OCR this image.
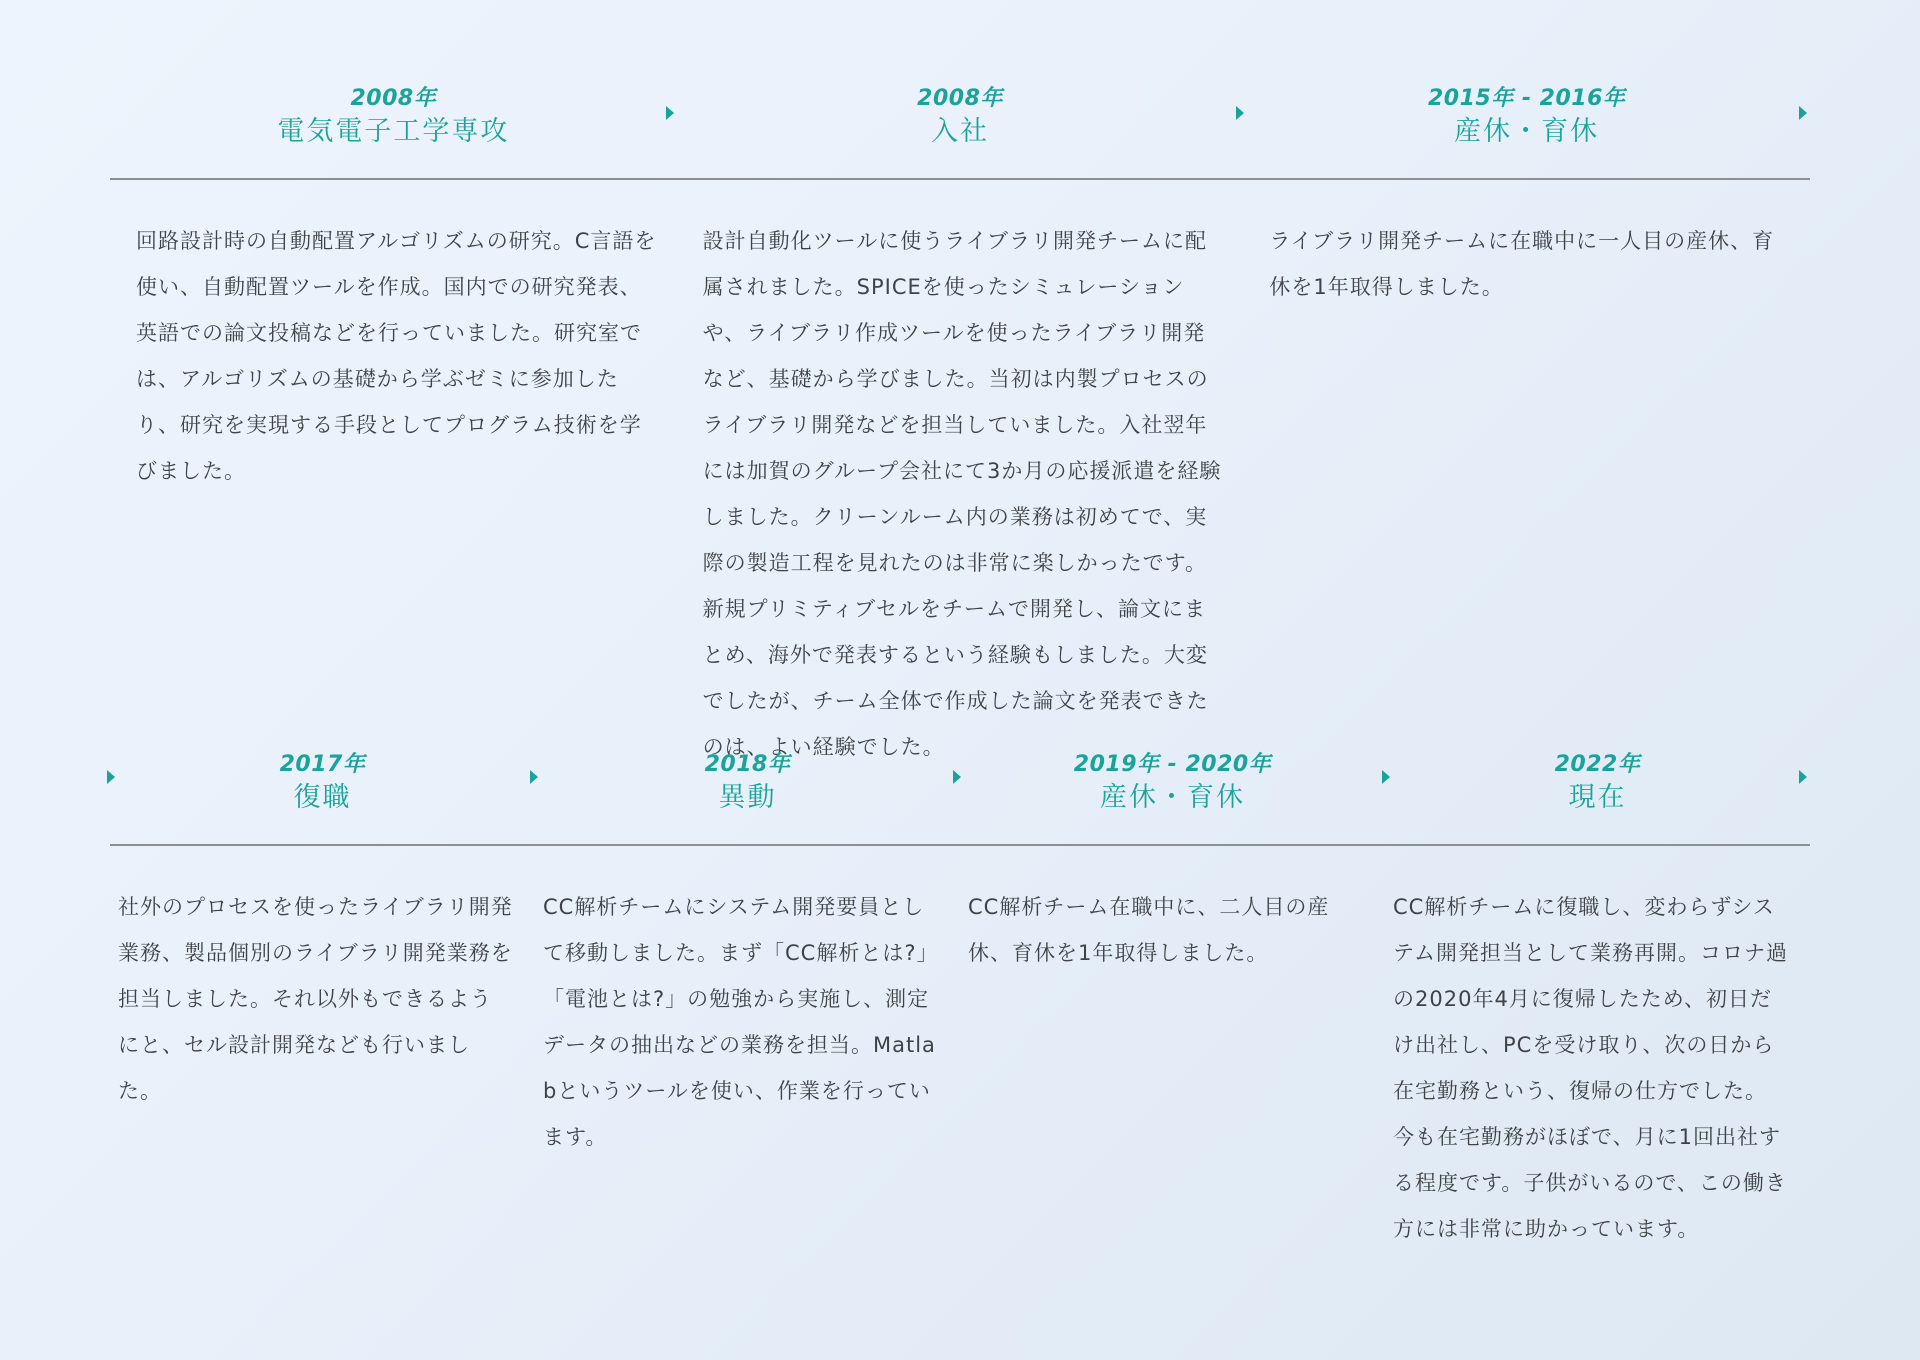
2008年
電気電子工学専攻
2008年
入社
2015年 - 2016年
産休・育休

回路設計時の自動配置アルゴリズムの研究。C言語を使い、自動配置ツールを作成。国内での研究発表、英語での論文投稿などを行っていました。研究室では、アルゴリズムの基礎から学ぶゼミに参加したり、研究を実現する手段としてプログラム技術を学びました。

設計自動化ツールに使うライブラリ開発チームに配属されました。SPICEを使ったシミュレーションや、ライブラリ作成ツールを使ったライブラリ開発など、基礎から学びました。当初は内製プロセスのライブラリ開発などを担当していました。入社翌年には加賀のグループ会社にて3か月の応援派遣を経験しました。クリーンルーム内の業務は初めてで、実際の製造工程を見れたのは非常に楽しかったです。新規プリミティブセルをチームで開発し、論文にまとめ、海外で発表するという経験もしました。大変でしたが、チーム全体で作成した論文を発表できたのは、よい経験でした。

ライブラリ開発チームに在職中に一人目の産休、育休を1年取得しました。

2017年
復職
2018年
異動
2019年 - 2020年
産休・育休
2022年
現在

社外のプロセスを使ったライブラリ開発業務、製品個別のライブラリ開発業務を担当しました。それ以外もできるようにと、セル設計開発なども行いました。

CC解析チームにシステム開発要員として移動しました。まず「CC解析とは?」「電池とは?」の勉強から実施し、測定データの抽出などの業務を担当。Matlabというツールを使い、作業を行っています。

CC解析チーム在職中に、二人目の産休、育休を1年取得しました。

CC解析チームに復職し、変わらずシステム開発担当として業務再開。コロナ過の2020年4月に復帰したため、初日だけ出社し、PCを受け取り、次の日から在宅勤務という、復帰の仕方でした。今も在宅勤務がほぼで、月に1回出社する程度です。子供がいるので、この働き方には非常に助かっています。
